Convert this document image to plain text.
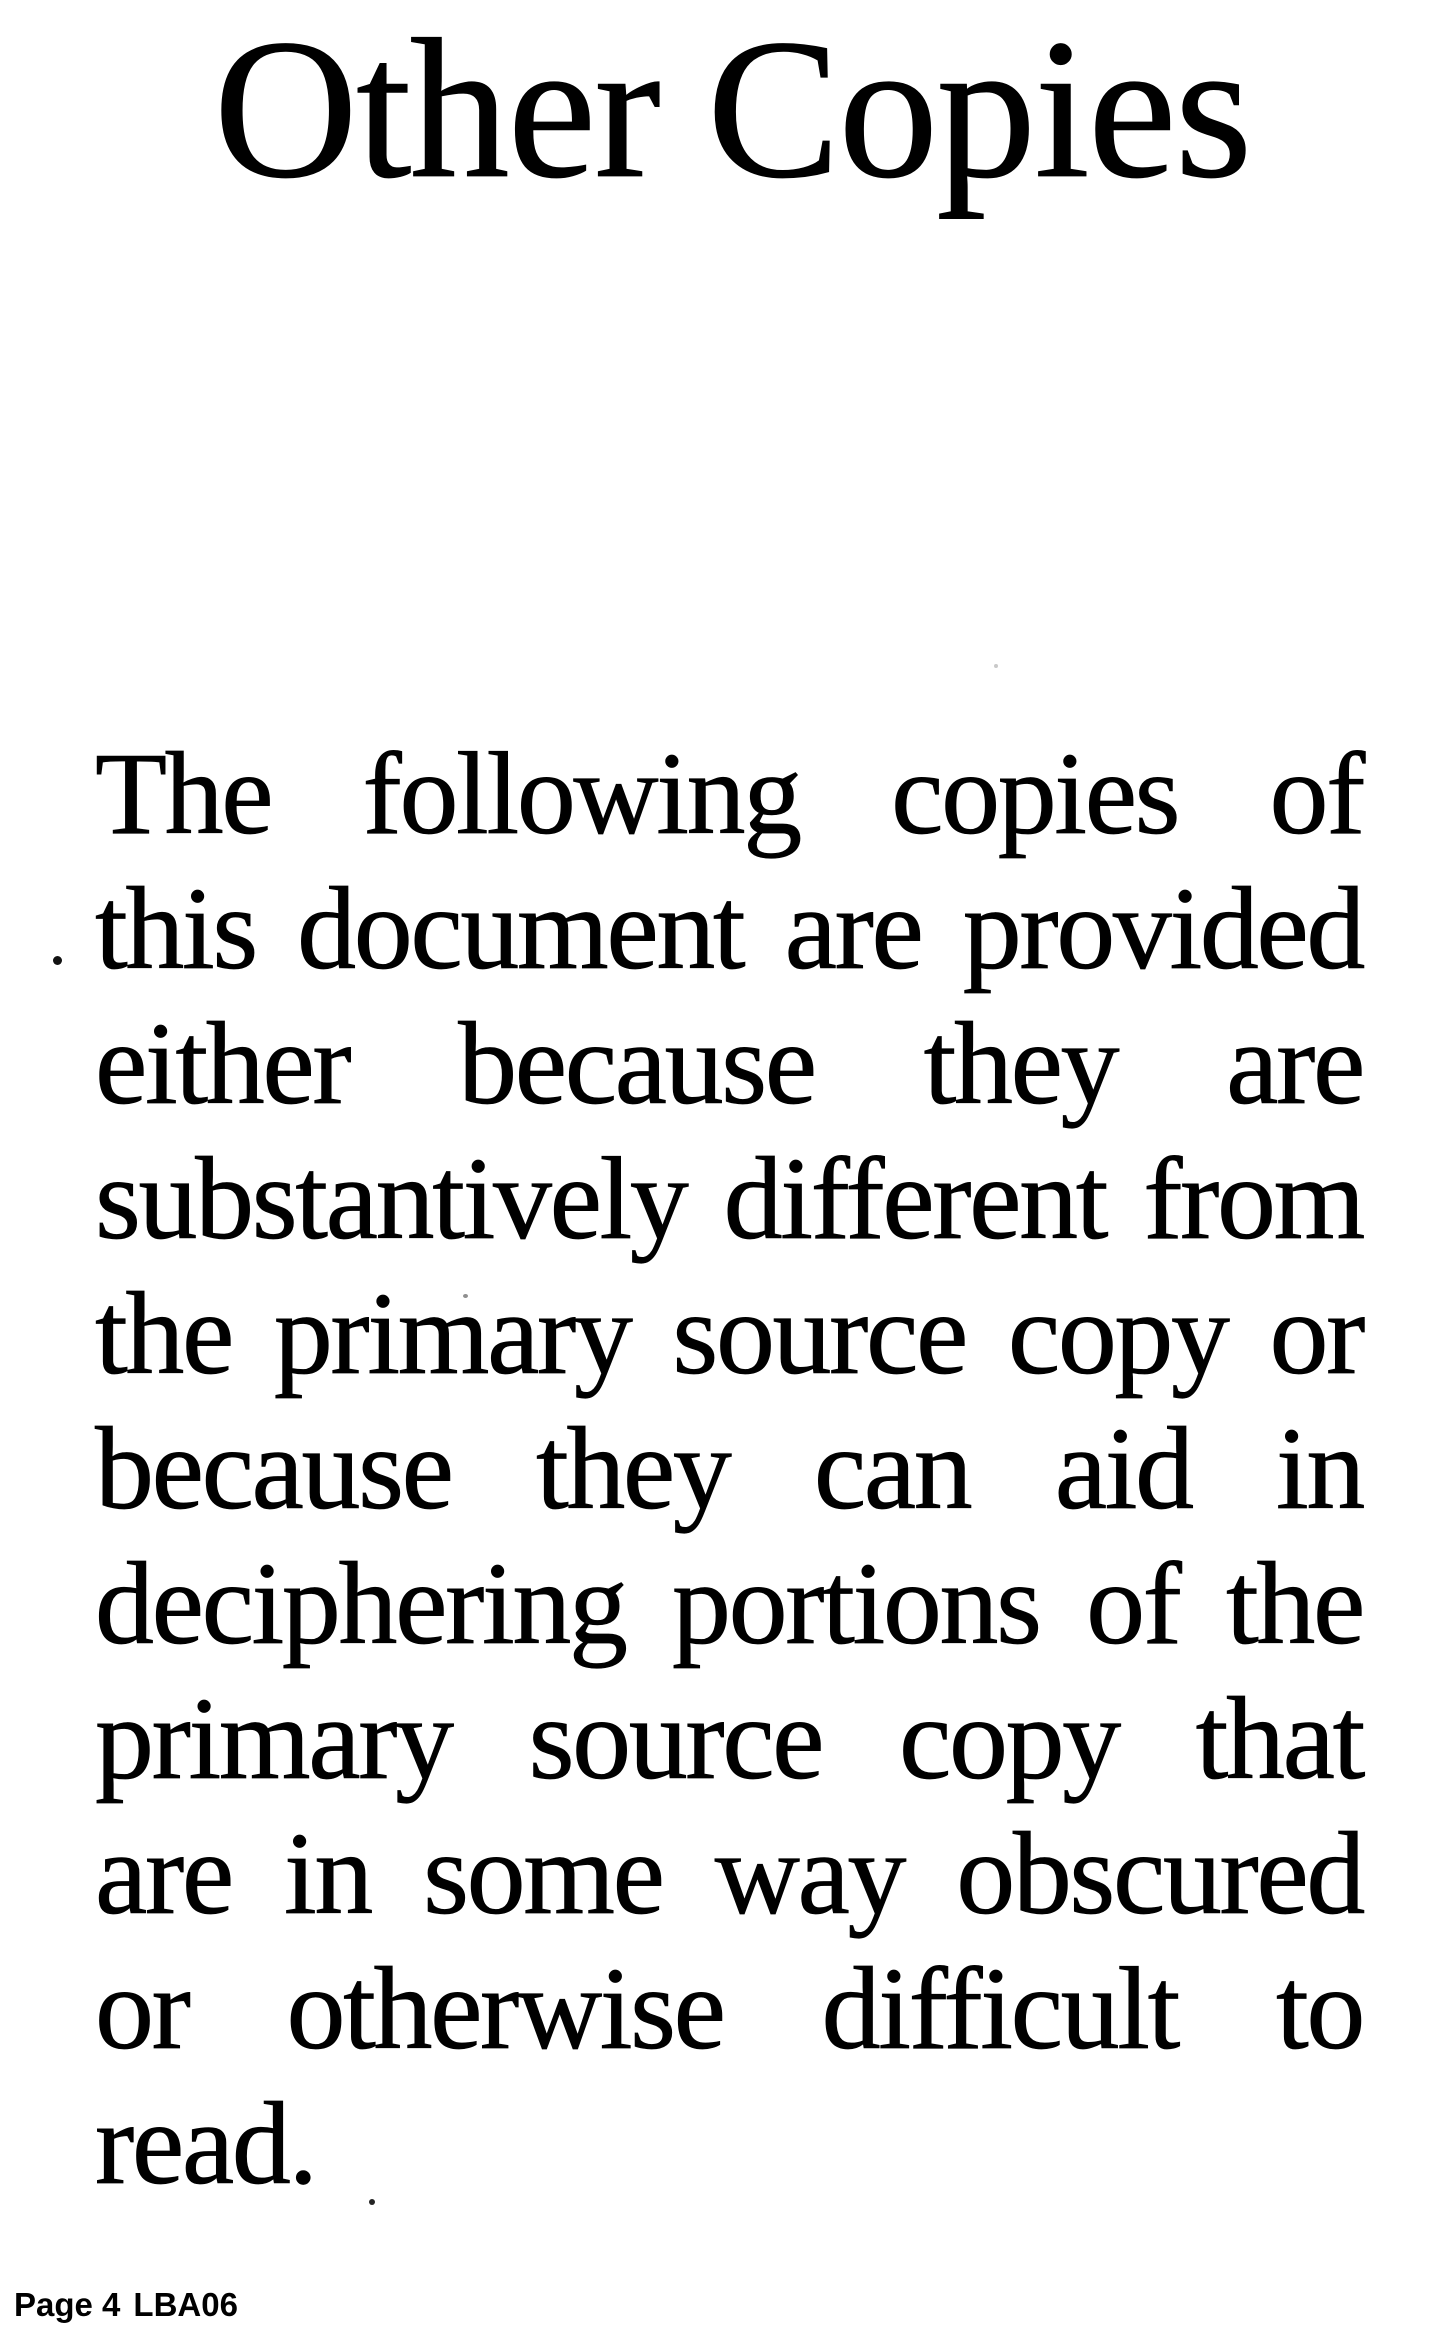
Other Copies
The following copies of
this document are provided
either because they are
substantively different from
the primary source copy or
because they can aid in
deciphering portions of the
primary source copy that
are in some way obscured
or otherwise difficult to
read.
Page 4 LBA06
